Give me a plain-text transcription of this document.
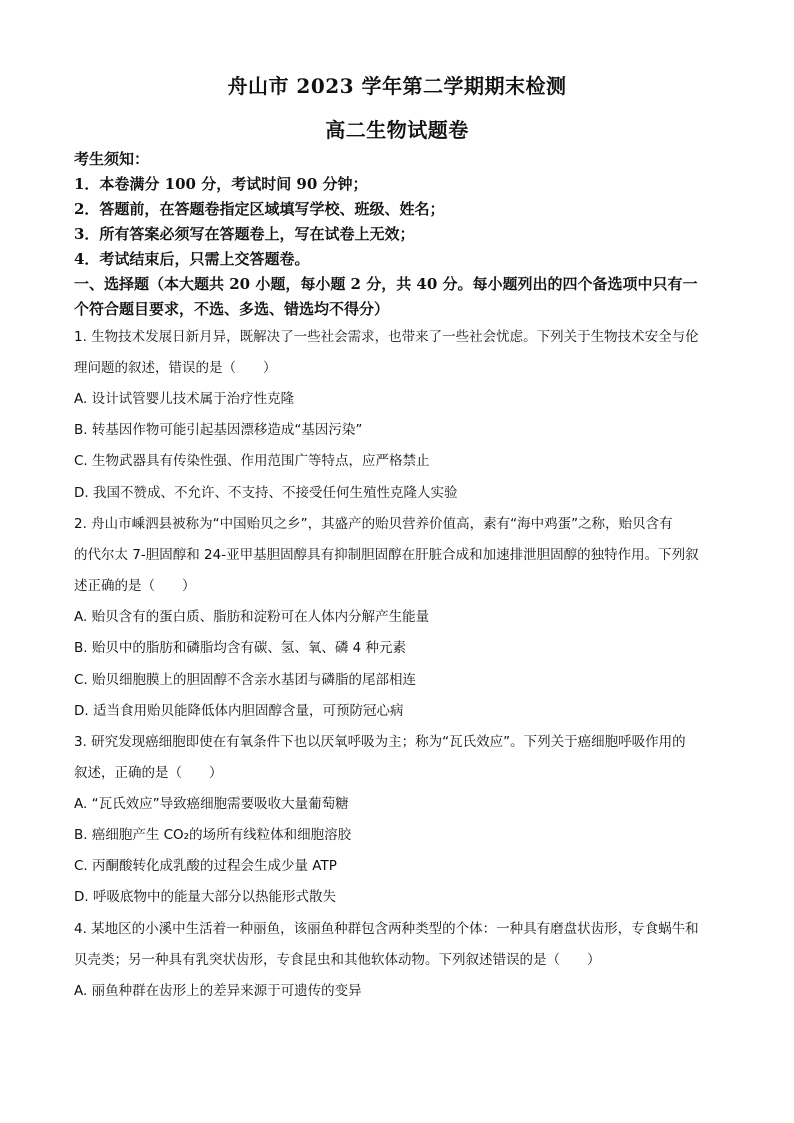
舟山市 2023 学年第二学期期末检测
高二生物试题卷
考生须知：
1．本卷满分 100 分，考试时间 90 分钟；
2．答题前，在答题卷指定区域填写学校、班级、姓名；
3．所有答案必须写在答题卷上，写在试卷上无效；
4．考试结束后，只需上交答题卷。
一、选择题（本大题共 20 小题，每小题 2 分，共 40 分。每小题列出的四个备选项中只有一
个符合题目要求，不选、多选、错选均不得分）
1. 生物技术发展日新月异，既解决了一些社会需求，也带来了一些社会忧虑。下列关于生物技术安全与伦
理问题的叙述，错误的是（　　）
A. 设计试管婴儿技术属于治疗性克隆
B. 转基因作物可能引起基因漂移造成“基因污染”
C. 生物武器具有传染性强、作用范围广等特点，应严格禁止
D. 我国不赞成、不允许、不支持、不接受任何生殖性克隆人实验
2. 舟山市嵊泗县被称为“中国贻贝之乡”，其盛产的贻贝营养价值高，素有“海中鸡蛋”之称，贻贝含有
的代尔太 7-胆固醇和 24-亚甲基胆固醇具有抑制胆固醇在肝脏合成和加速排泄胆固醇的独特作用。下列叙
述正确的是（　　）
A. 贻贝含有的蛋白质、脂肪和淀粉可在人体内分解产生能量
B. 贻贝中的脂肪和磷脂均含有碳、氢、氧、磷 4 种元素
C. 贻贝细胞膜上的胆固醇不含亲水基团与磷脂的尾部相连
D. 适当食用贻贝能降低体内胆固醇含量，可预防冠心病
3. 研究发现癌细胞即使在有氧条件下也以厌氧呼吸为主；称为“瓦氏效应”。下列关于癌细胞呼吸作用的
叙述，正确的是（　　）
A. “瓦氏效应”导致癌细胞需要吸收大量葡萄糖
B. 癌细胞产生 CO₂的场所有线粒体和细胞溶胶
C. 丙酮酸转化成乳酸的过程会生成少量 ATP
D. 呼吸底物中的能量大部分以热能形式散失
4. 某地区的小溪中生活着一种丽鱼，该丽鱼种群包含两种类型的个体：一种具有磨盘状齿形，专食蜗牛和
贝壳类；另一种具有乳突状齿形，专食昆虫和其他软体动物。下列叙述错误的是（　　）
A. 丽鱼种群在齿形上的差异来源于可遗传的变异
